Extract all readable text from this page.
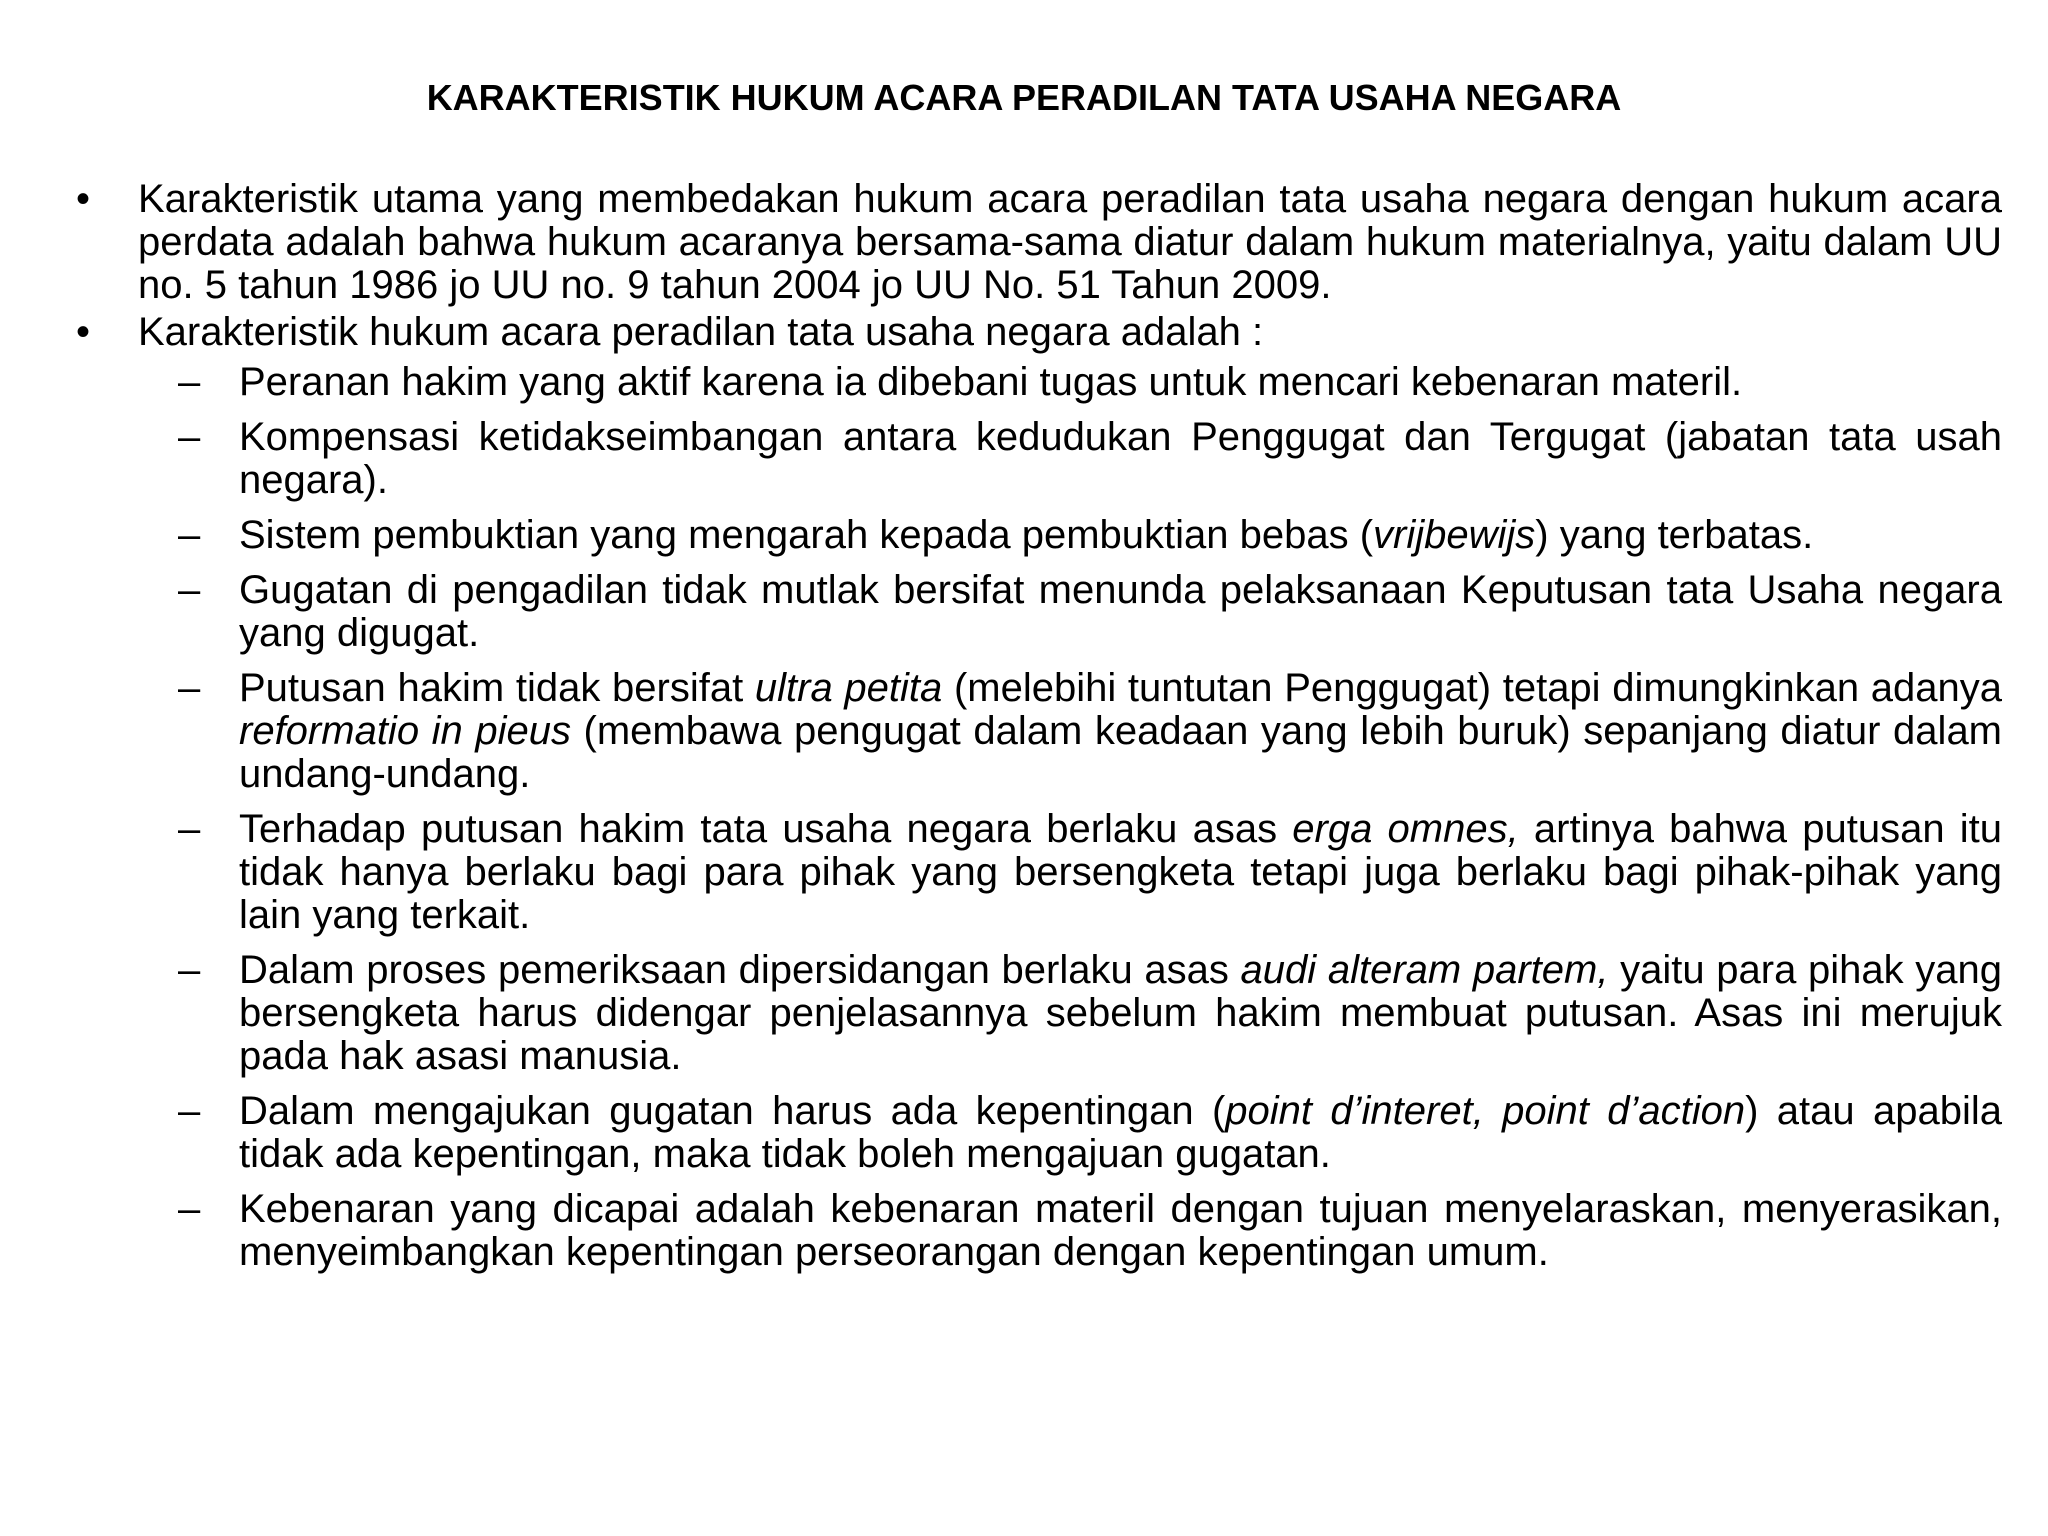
KARAKTERISTIK HUKUM ACARA PERADILAN TATA USAHA NEGARA
• Karakteristik utama yang membedakan hukum acara peradilan tata usaha negara dengan hukum acara perdata adalah bahwa hukum acaranya bersama-sama diatur dalam hukum materialnya, yaitu dalam UU no. 5 tahun 1986 jo UU no. 9 tahun 2004 jo UU No. 51 Tahun 2009.
• Karakteristik hukum acara peradilan tata usaha negara adalah :
– Peranan hakim yang aktif karena ia dibebani tugas untuk mencari kebenaran materil.
– Kompensasi ketidakseimbangan antara kedudukan Penggugat dan Tergugat (jabatan tata usah negara).
– Sistem pembuktian yang mengarah kepada pembuktian bebas (vrijbewijs) yang terbatas.
– Gugatan di pengadilan tidak mutlak bersifat menunda pelaksanaan Keputusan tata Usaha negara yang digugat.
– Putusan hakim tidak bersifat ultra petita (melebihi tuntutan Penggugat) tetapi dimungkinkan adanya reformatio in pieus (membawa pengugat dalam keadaan yang lebih buruk) sepanjang diatur dalam undang-undang.
– Terhadap putusan hakim tata usaha negara berlaku asas erga omnes, artinya bahwa putusan itu tidak hanya berlaku bagi para pihak yang bersengketa tetapi juga berlaku bagi pihak-pihak yang lain yang terkait.
– Dalam proses pemeriksaan dipersidangan berlaku asas audi alteram partem, yaitu para pihak yang bersengketa harus didengar penjelasannya sebelum hakim membuat putusan. Asas ini merujuk pada hak asasi manusia.
– Dalam mengajukan gugatan harus ada kepentingan (point d’interet, point d’action) atau apabila tidak ada kepentingan, maka tidak boleh mengajuan gugatan.
– Kebenaran yang dicapai adalah kebenaran materil dengan tujuan menyelaraskan, menyerasikan, menyeimbangkan kepentingan perseorangan dengan kepentingan umum.
